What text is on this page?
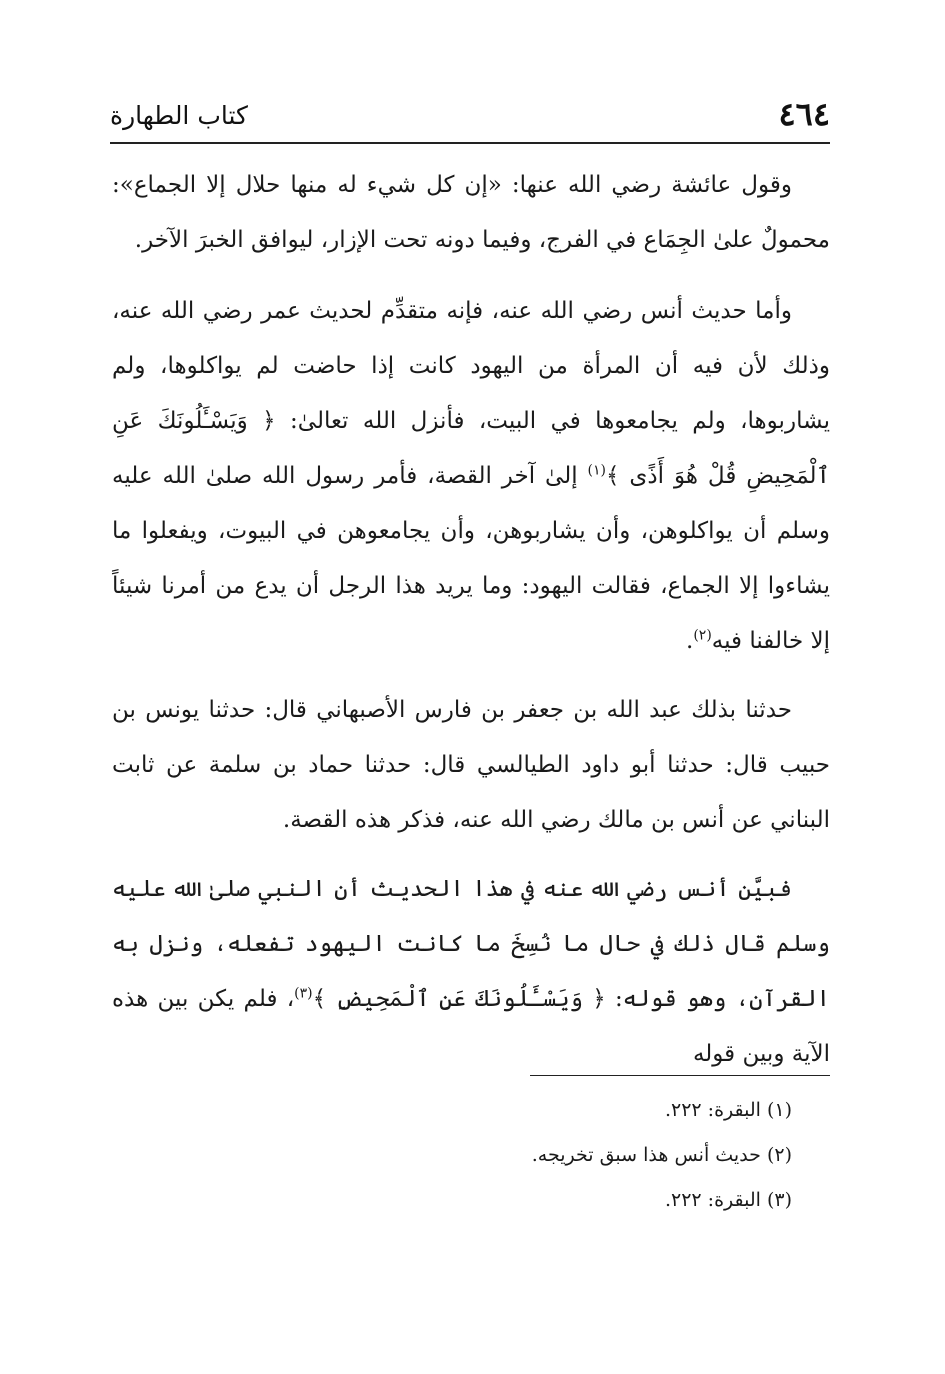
٤٦٤
كتاب الطهارة

وقول عائشة رضي الله عنها: «إن كل شيء له منها حلال إلا الجماع»: محمولٌ علىٰ الجِمَاع في الفرج، وفيما دونه تحت الإزار، ليوافق الخبرَ الآخر.

وأما حديث أنس رضي الله عنه، فإنه متقدِّم لحديث عمر رضي الله عنه، وذلك لأن فيه أن المرأة من اليهود كانت إذا حاضت لم يواكلوها، ولم يشاربوها، ولم يجامعوها في البيت، فأنزل الله تعالىٰ: ﴿ وَيَسْـَٔلُونَكَ عَنِ ٱلْمَحِيضِ قُلْ هُوَ أَذًى ﴾$^{(١)}$ إلىٰ آخر القصة، فأمر رسول الله صلىٰ الله عليه وسلم أن يواكلوهن، وأن يشاربوهن، وأن يجامعوهن في البيوت، ويفعلوا ما يشاءوا إلا الجماع، فقالت اليهود: وما يريد هذا الرجل أن يدع من أمرنا شيئاً إلا خالفنا فيه$^{(٢)}$.

حدثنا بذلك عبد الله بن جعفر بن فارس الأصبهاني قال: حدثنا يونس بن حبيب قال: حدثنا أبو داود الطيالسي قال: حدثنا حماد بن سلمة عن ثابت البناني عن أنس بن مالك رضي الله عنه، فذكر هذه القصة.

فبيَّن أنس رضي الله عنه في هذا الحديث أن النبي صلىٰ الله عليه وسلم قال ذلك في حال ما نُسِخَ ما كانت اليهود تفعله، ونزل به القرآن، وهو قوله: ﴿ وَيَسْـَٔلُونَكَ عَنِ ٱلْمَحِيضِ ﴾$^{(٣)}$، فلم يكن بين هذه الآية وبين قوله

(١)البقرة: ٢٢٢.

(٢)حديث أنس هذا سبق تخريجه.

(٣)البقرة: ٢٢٢.
